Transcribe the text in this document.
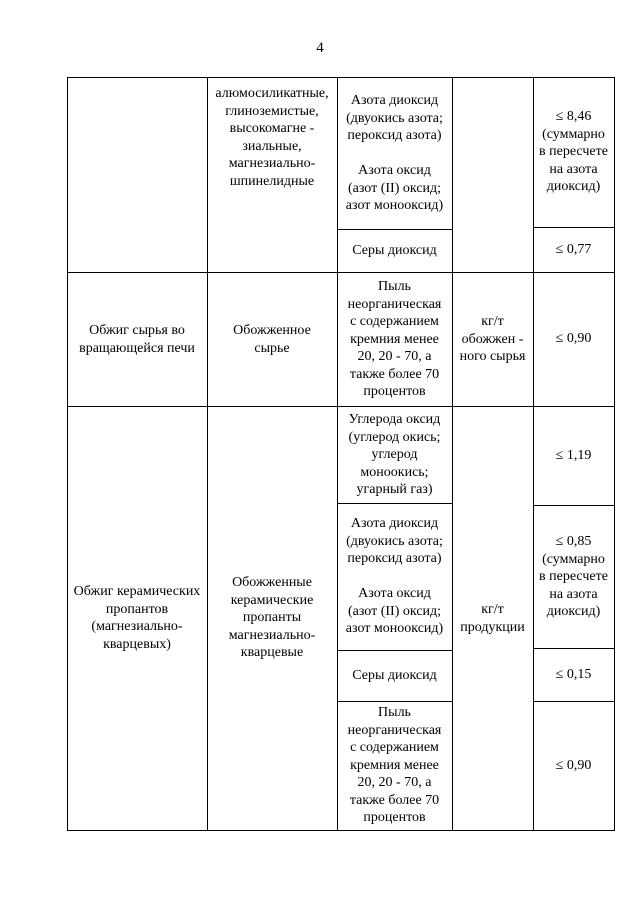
4

алюмосиликатные,
глиноземистые,
высокомагне -
зиальные,
магнезиально-
шпинелидные

Азота диоксид
(двуокись азота;
пероксид азота)

Азота оксид
(азот (II) оксид;
азот монооксид)
≤ 8,46
(суммарно
в пересчете
на азота
диоксид)
Серы диоксид	≤ 0,77
Обжиг сырья во
вращающейся печи
Обожженное
сырье
кг/т
обожжен -
ного сырья
Пыль
неорганическая
с содержанием
кремния менее
20, 20 - 70, а
также более 70
процентов
≤ 0,90
Обжиг керамических
пропантов
(магнезиально-
кварцевых)
Обожженные
керамические
пропанты
магнезиально-
кварцевые
кг/т
продукции
Углерода оксид
(углерод окись;
углерод
моноокись;
угарный газ)
≤ 1,19
Азота диоксид
(двуокись азота;
пероксид азота)

Азота оксид
(азот (II) оксид;
азот монооксид)
≤ 0,85
(суммарно
в пересчете
на азота
диоксид)
Серы диоксид	≤ 0,15
Пыль
неорганическая
с содержанием
кремния менее
20, 20 - 70, а
также более 70
процентов
≤ 0,90
